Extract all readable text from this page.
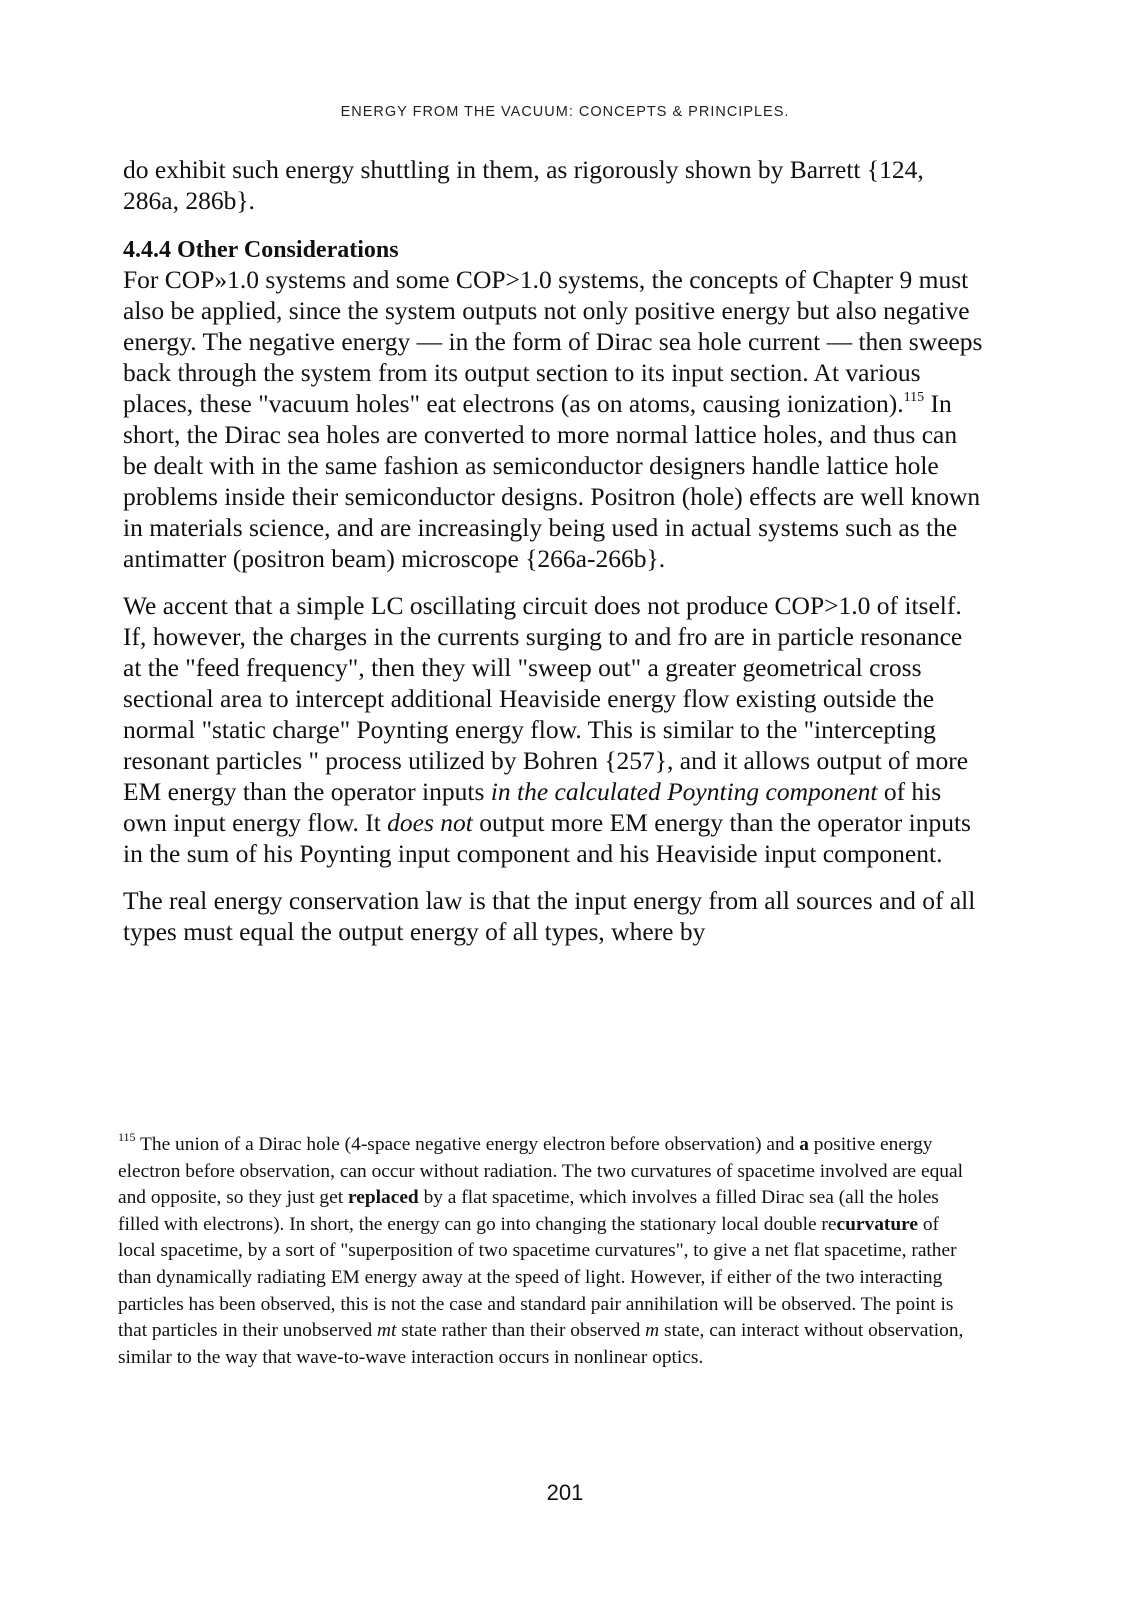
ENERGY FROM THE VACUUM: CONCEPTS & PRINCIPLES.

do exhibit such energy shuttling in them, as rigorously shown by Barrett {124, 286a, 286b}.

4.4.4 Other Considerations

For COP»1.0 systems and some COP>1.0 systems, the concepts of Chapter 9 must also be applied, since the system outputs not only positive energy but also negative energy. The negative energy — in the form of Dirac sea hole current — then sweeps back through the system from its output section to its input section. At various places, these "vacuum holes" eat electrons (as on atoms, causing ionization).$^{115}$ In short, the Dirac sea holes are converted to more normal lattice holes, and thus can be dealt with in the same fashion as semiconductor designers handle lattice hole problems inside their semiconductor designs. Positron (hole) effects are well known in materials science, and are increasingly being used in actual systems such as the antimatter (positron beam) microscope {266a-266b}.

We accent that a simple LC oscillating circuit does not produce COP>1.0 of itself. If, however, the charges in the currents surging to and fro are in particle resonance at the "feed frequency", then they will "sweep out" a greater geometrical cross sectional area to intercept additional Heaviside energy flow existing outside the normal "static charge" Poynting energy flow. This is similar to the "intercepting resonant particles " process utilized by Bohren {257}, and it allows output of more EM energy than the operator inputs in the calculated Poynting component of his own input energy flow. It does not output more EM energy than the operator inputs in the sum of his Poynting input component and his Heaviside input component.

The real energy conservation law is that the input energy from all sources and of all types must equal the output energy of all types, where by

$^{115}$ The union of a Dirac hole (4-space negative energy electron before observation) and a positive energy electron before observation, can occur without radiation. The two curvatures of spacetime involved are equal and opposite, so they just get replaced by a flat spacetime, which involves a filled Dirac sea (all the holes filled with electrons). In short, the energy can go into changing the stationary local double recurvature of local spacetime, by a sort of "superposition of two spacetime curvatures", to give a net flat spacetime, rather than dynamically radiating EM energy away at the speed of light. However, if either of the two interacting particles has been observed, this is not the case and standard pair annihilation will be observed. The point is that particles in their unobserved mt state rather than their observed m state, can interact without observation, similar to the way that wave-to-wave interaction occurs in nonlinear optics.

201
